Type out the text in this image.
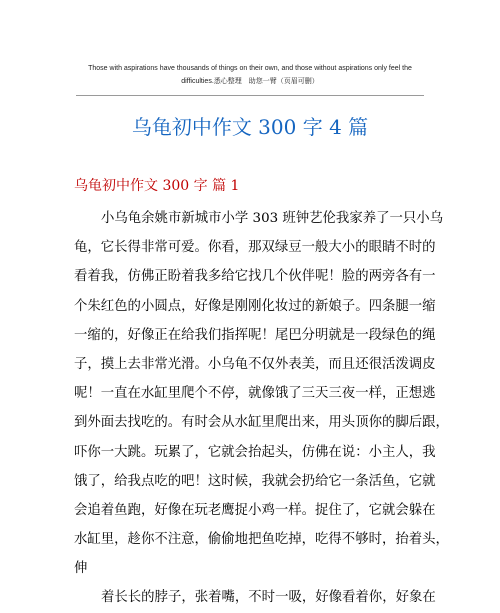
Those with aspirations have thousands of things on their own, and those without aspirations only feel the
difficulties.悉心整理　助您一臂（页眉可删）
乌龟初中作文 300 字 4 篇
乌龟初中作文 300 字 篇 1
小乌龟余姚市新城市小学 303 班钟艺伦我家养了一只小乌
龟，它长得非常可爱。你看，那双绿豆一般大小的眼睛不时的
看着我，仿佛正盼着我多给它找几个伙伴呢！脸的两旁各有一
个朱红色的小圆点，好像是刚刚化妆过的新娘子。四条腿一缩
一缩的，好像正在给我们指挥呢！尾巴分明就是一段绿色的绳
子，摸上去非常光滑。小乌龟不仅外表美，而且还很活泼调皮
呢！一直在水缸里爬个不停，就像饿了三天三夜一样，正想逃
到外面去找吃的。有时会从水缸里爬出来，用头顶你的脚后跟，
吓你一大跳。玩累了，它就会抬起头，仿佛在说：小主人，我
饿了，给我点吃的吧！这时候，我就会扔给它一条活鱼，它就
会追着鱼跑，好像在玩老鹰捉小鸡一样。捉住了，它就会躲在
水缸里，趁你不注意，偷偷地把鱼吃掉，吃得不够时，抬着头，
伸
着长长的脖子，张着嘴，不时一吸，好像看着你，好象在
